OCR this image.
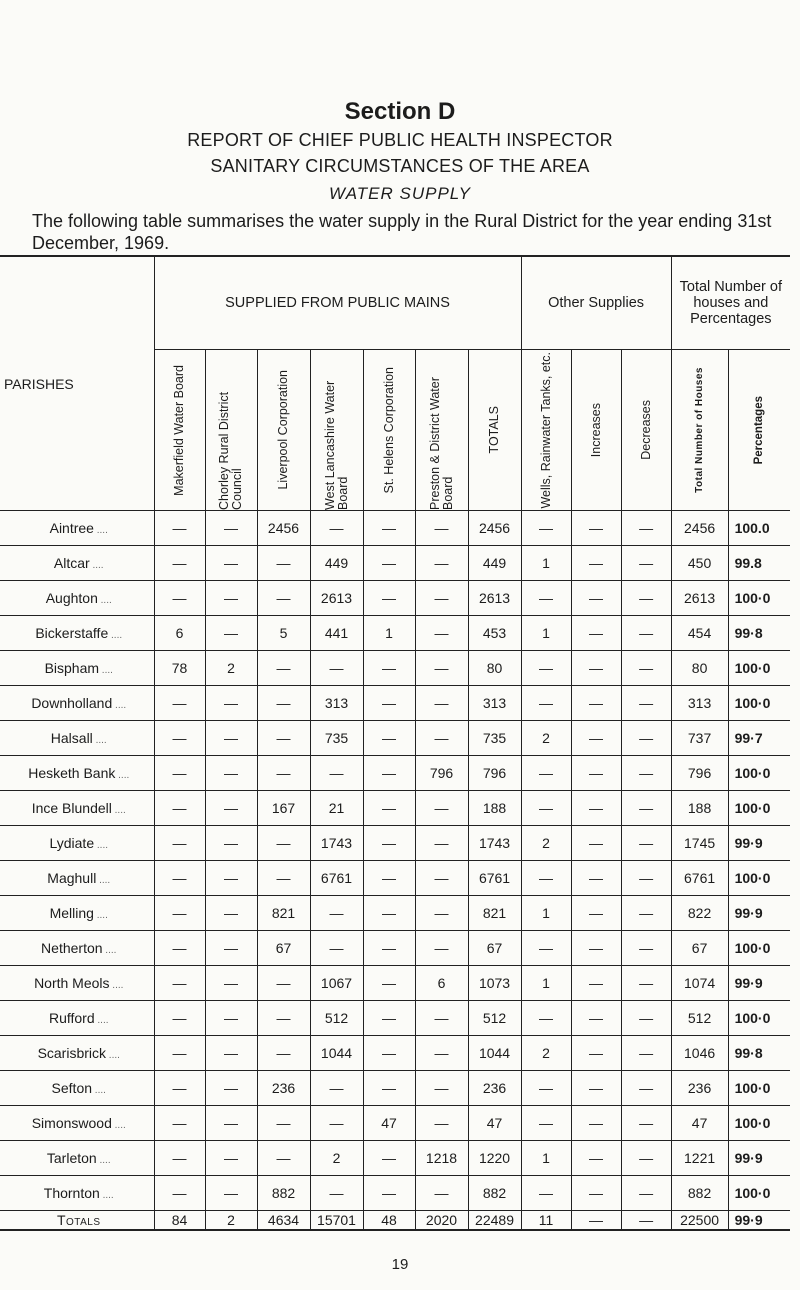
Section D
REPORT OF CHIEF PUBLIC HEALTH INSPECTOR
SANITARY CIRCUMSTANCES OF THE AREA
WATER SUPPLY
The following table summarises the water supply in the Rural District for the year ending 31st December, 1969.
PARISHES	SUPPLIED FROM PUBLIC MAINS							Other Supplies			Total Number of houses and Percentages	

	Makerfield Water Board	Chorley Rural District Council	Liverpool Corporation	West Lancashire Water Board	St. Helens Corporation	Preston & District Water Board	TOTALS	Wells, Rainwater Tanks, etc.	Increases	Decreases	Total Number of Houses	Percentages

Aintree ....	—	—	2456	—	—	—	2456	—	—	—	2456	100.0
Altcar ....	—	—	—	449	—	—	449	1	—	—	450	99.8
Aughton ....	—	—	—	2613	—	—	2613	—	—	—	2613	100·0
Bickerstaffe ....	6	—	5	441	1	—	453	1	—	—	454	99·8
Bispham ....	78	2	—	—	—	—	80	—	—	—	80	100·0
Downholland ....	—	—	—	313	—	—	313	—	—	—	313	100·0
Halsall ....	—	—	—	735	—	—	735	2	—	—	737	99·7
Hesketh Bank ....	—	—	—	—	—	796	796	—	—	—	796	100·0
Ince Blundell ....	—	—	167	21	—	—	188	—	—	—	188	100·0
Lydiate ....	—	—	—	1743	—	—	1743	2	—	—	1745	99·9
Maghull ....	—	—	—	6761	—	—	6761	—	—	—	6761	100·0
Melling ....	—	—	821	—	—	—	821	1	—	—	822	99·9
Netherton ....	—	—	67	—	—	—	67	—	—	—	67	100·0
North Meols ....	—	—	—	1067	—	6	1073	1	—	—	1074	99·9
Rufford ....	—	—	—	512	—	—	512	—	—	—	512	100·0
Scarisbrick ....	—	—	—	1044	—	—	1044	2	—	—	1046	99·8
Sefton ....	—	—	236	—	—	—	236	—	—	—	236	100·0
Simonswood ....	—	—	—	—	47	—	47	—	—	—	47	100·0
Tarleton ....	—	—	—	2	—	1218	1220	1	—	—	1221	99·9
Thornton ....	—	—	882	—	—	—	882	—	—	—	882	100·0
Totals	84	2	4634	15701	48	2020	22489	11	—	—	22500	99·9
19
